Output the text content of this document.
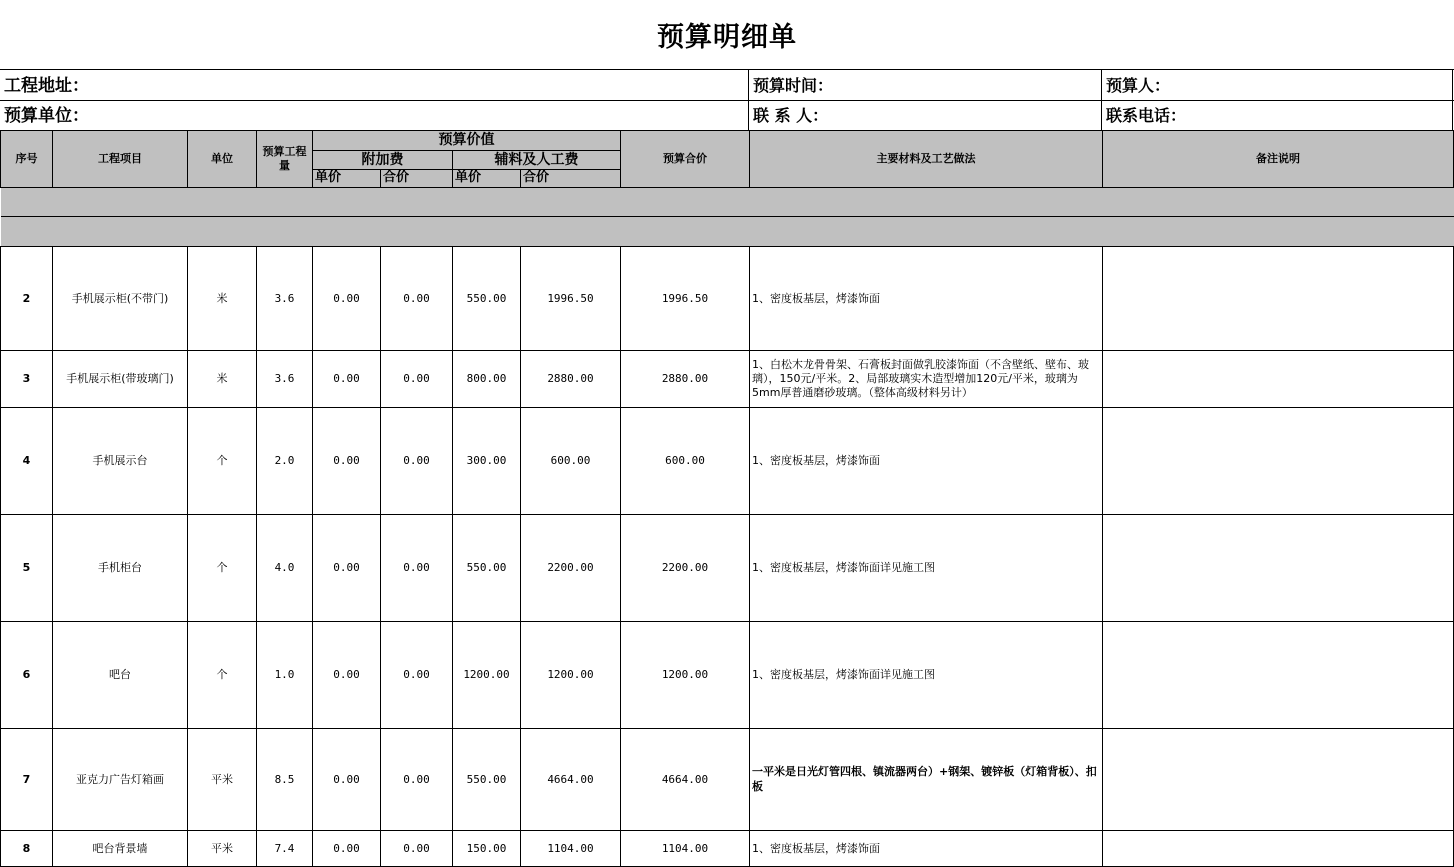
预算明细单
工程地址：	预算时间：	预算人：
预算单位：	联 系 人：	联系电话：
序号	工程项目	单位	预算工程量	预算价值				预算合价	主要材料及工艺做法	备注说明
				附加费		辅料及人工费				
				单价	合价	单价	合价			

2	手机展示柜(不带门)	米	3.6	0.00	0.00	550.00	1996.50	1996.50	1、密度板基层，烤漆饰面	
3	手机展示柜(带玻璃门)	米	3.6	0.00	0.00	800.00	2880.00	2880.00	1、白松木龙骨骨架、石膏板封面做乳胶漆饰面（不含壁纸、壁布、玻璃），150元/平米。2、局部玻璃实木造型增加120元/平米，玻璃为5mm厚普通磨砂玻璃。（整体高级材料另计）	
4	手机展示台	个	2.0	0.00	0.00	300.00	600.00	600.00	1、密度板基层，烤漆饰面	
5	手机柜台	个	4.0	0.00	0.00	550.00	2200.00	2200.00	1、密度板基层，烤漆饰面详见施工图	
6	吧台	个	1.0	0.00	0.00	1200.00	1200.00	1200.00	1、密度板基层，烤漆饰面详见施工图	
7	亚克力广告灯箱画	平米	8.5	0.00	0.00	550.00	4664.00	4664.00	一平米是日光灯管四根、镇流器两台）+钢架、镀锌板（灯箱背板）、扣板	
8	吧台背景墙	平米	7.4	0.00	0.00	150.00	1104.00	1104.00	1、密度板基层，烤漆饰面	
